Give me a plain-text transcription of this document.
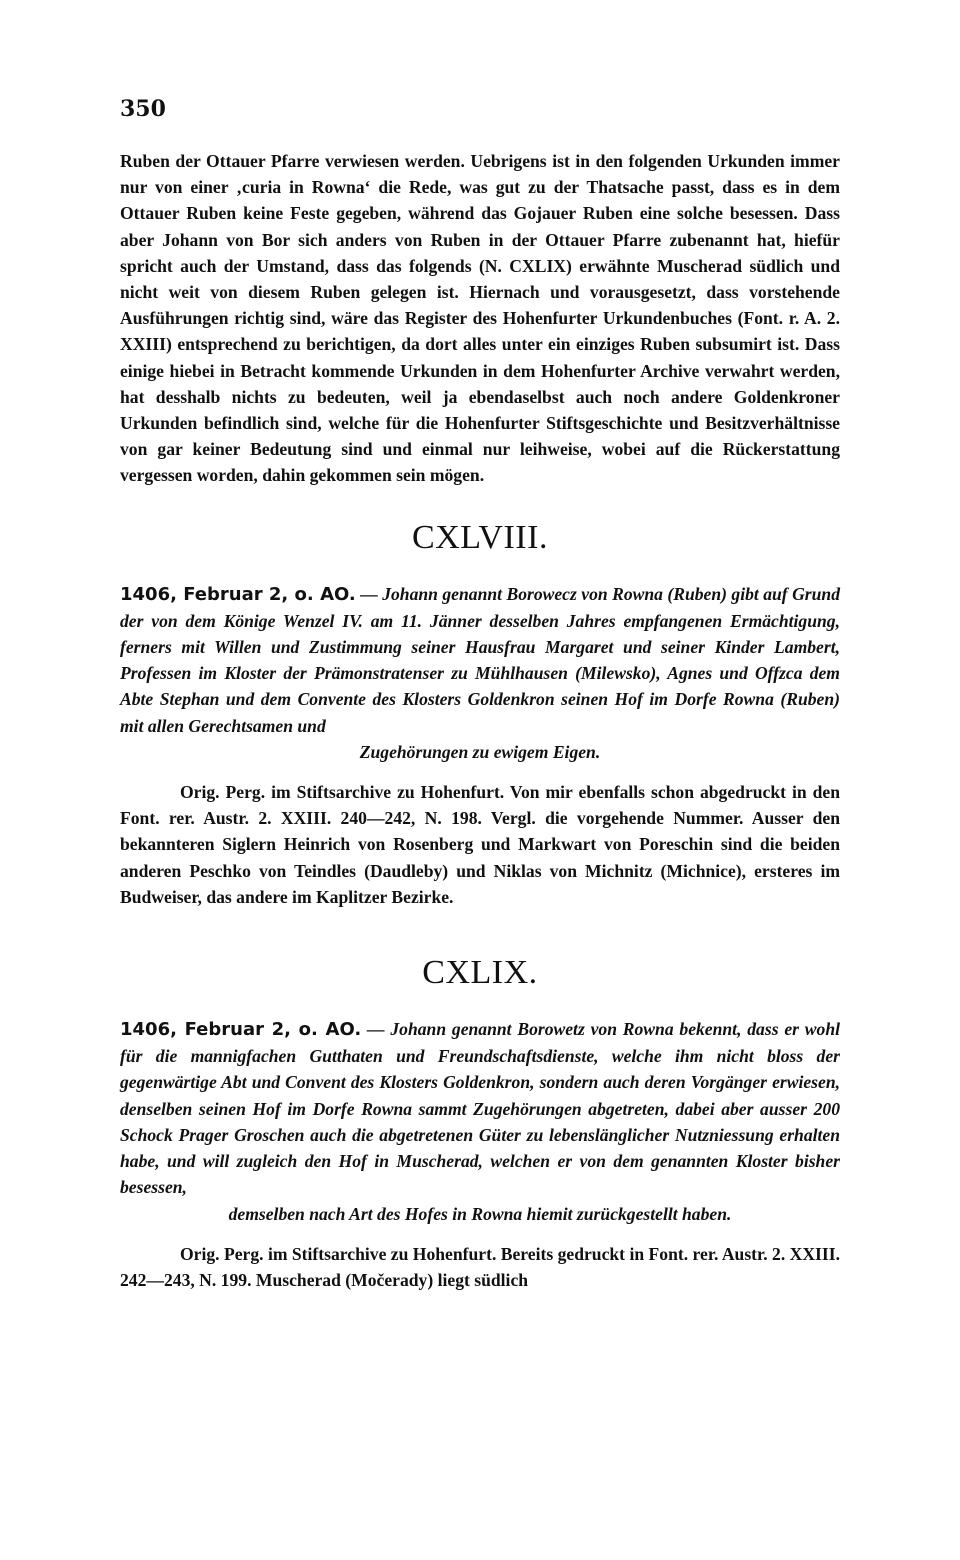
350

Ruben der Ottauer Pfarre verwiesen werden. Uebrigens ist in den folgenden Urkunden immer nur von einer ‚curia in Rowna‘ die Rede, was gut zu der Thatsache passt, dass es in dem Ottauer Ruben keine Feste gegeben, während das Gojauer Ruben eine solche besessen. Dass aber Johann von Bor sich anders von Ruben in der Ottauer Pfarre zubenannt hat, hiefür spricht auch der Umstand, dass das folgends (N. CXLIX) erwähnte Muscherad südlich und nicht weit von diesem Ruben gelegen ist. Hiernach und vorausgesetzt, dass vorstehende Ausführungen richtig sind, wäre das Register des Hohenfurter Urkundenbuches (Font. r. A. 2. XXIII) entsprechend zu berichtigen, da dort alles unter ein einziges Ruben subsumirt ist. Dass einige hiebei in Betracht kommende Urkunden in dem Hohenfurter Archive verwahrt werden, hat desshalb nichts zu bedeuten, weil ja ebendaselbst auch noch andere Goldenkroner Urkunden befindlich sind, welche für die Hohenfurter Stiftsgeschichte und Besitzverhältnisse von gar keiner Bedeutung sind und einmal nur leihweise, wobei auf die Rückerstattung vergessen worden, dahin gekommen sein mögen.

CXLVIII.

1406, Februar 2, o. AO. — Johann genannt Borowecz von Rowna (Ruben) gibt auf Grund der von dem Könige Wenzel IV. am 11. Jänner desselben Jahres empfangenen Ermächtigung, ferners mit Willen und Zustimmung seiner Hausfrau Margaret und seiner Kinder Lambert, Professen im Kloster der Prämonstratenser zu Mühlhausen (Milewsko), Agnes und Offzca dem Abte Stephan und dem Convente des Klosters Goldenkron seinen Hof im Dorfe Rowna (Ruben) mit allen Gerechtsamen und
Zugehörungen zu ewigem Eigen.

Orig. Perg. im Stiftsarchive zu Hohenfurt. Von mir ebenfalls schon abgedruckt in den Font. rer. Austr. 2. XXIII. 240—242, N. 198. Vergl. die vorgehende Nummer. Ausser den bekannteren Siglern Heinrich von Rosenberg und Markwart von Poreschin sind die beiden anderen Peschko von Teindles (Daudleby) und Niklas von Michnitz (Michnice), ersteres im Budweiser, das andere im Kaplitzer Bezirke.

CXLIX.

1406, Februar 2, o. AO. — Johann genannt Borowetz von Rowna bekennt, dass er wohl für die mannigfachen Gutthaten und Freundschaftsdienste, welche ihm nicht bloss der gegenwärtige Abt und Convent des Klosters Goldenkron, sondern auch deren Vorgänger erwiesen, denselben seinen Hof im Dorfe Rowna sammt Zugehörungen abgetreten, dabei aber ausser 200 Schock Prager Groschen auch die abgetretenen Güter zu lebenslänglicher Nutzniessung erhalten habe, und will zugleich den Hof in Muscherad, welchen er von dem genannten Kloster bisher besessen,
demselben nach Art des Hofes in Rowna hiemit zurückgestellt haben.

Orig. Perg. im Stiftsarchive zu Hohenfurt. Bereits gedruckt in Font. rer. Austr. 2. XXIII. 242—243, N. 199. Muscherad (Močerady) liegt südlich
